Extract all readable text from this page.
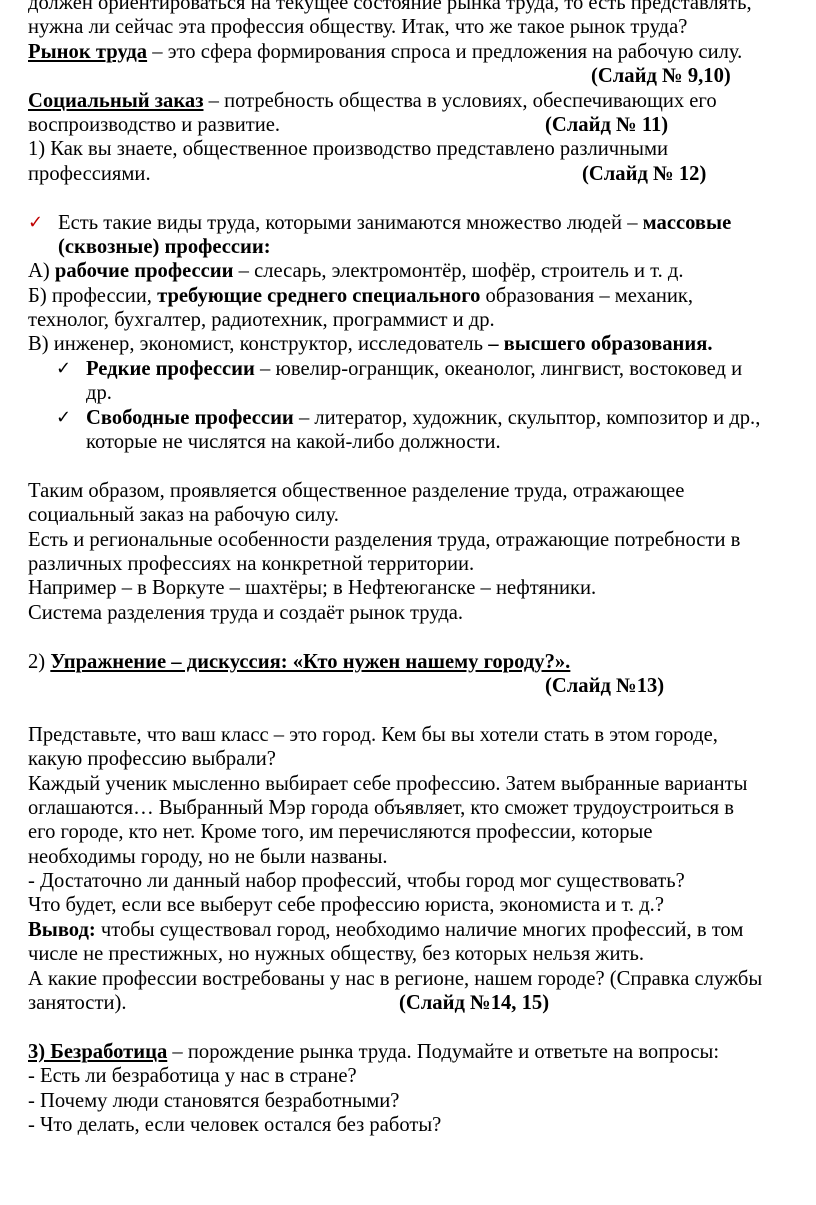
должен ориентироваться на текущее состояние рынка труда, то есть представлять,
нужна ли сейчас эта профессия обществу. Итак, что же такое рынок труда?
Рынок труда – это сфера формирования спроса и предложения на рабочую силу.
(Слайд № 9,10)
Социальный заказ – потребность общества в условиях, обеспечивающих его
воспроизводство и развитие.	(Слайд № 11)
1) Как вы знаете, общественное производство представлено различными
профессиями.	(Слайд № 12)
✓ Есть такие виды труда, которыми занимаются множество людей – массовые
(сквозные) профессии:
А) рабочие профессии – слесарь, электромонтёр, шофёр, строитель и т. д.
Б) профессии, требующие среднего специального образования – механик,
технолог, бухгалтер, радиотехник, программист и др.
В) инженер, экономист, конструктор, исследователь – высшего образования.
✓ Редкие профессии – ювелир-огранщик, океанолог, лингвист, востоковед и
др.
✓ Свободные профессии – литератор, художник, скульптор, композитор и др.,
которые не числятся на какой-либо должности.
Таким образом, проявляется общественное разделение труда, отражающее
социальный заказ на рабочую силу.
Есть и региональные особенности разделения труда, отражающие потребности в
различных профессиях на конкретной территории.
Например – в Воркуте – шахтёры; в Нефтеюганске – нефтяники.
Система разделения труда и создаёт рынок труда.
2) Упражнение – дискуссия: «Кто нужен нашему городу?».
(Слайд №13)
Представьте, что ваш класс – это город. Кем бы вы хотели стать в этом городе,
какую профессию выбрали?
Каждый ученик мысленно выбирает себе профессию. Затем выбранные варианты
оглашаются… Выбранный Мэр города объявляет, кто сможет трудоустроиться в
его городе, кто нет. Кроме того, им перечисляются профессии, которые
необходимы городу, но не были названы.
- Достаточно ли данный набор профессий, чтобы город мог существовать?
Что будет, если все выберут себе профессию юриста, экономиста и т. д.?
Вывод: чтобы существовал город, необходимо наличие многих профессий, в том
числе не престижных, но нужных обществу, без которых нельзя жить.
А какие профессии востребованы у нас в регионе, нашем городе? (Справка службы
занятости).	(Слайд №14, 15)
3) Безработица – порождение рынка труда. Подумайте и ответьте на вопросы:
- Есть ли безработица у нас в стране?
- Почему люди становятся безработными?
- Что делать, если человек остался без работы?
